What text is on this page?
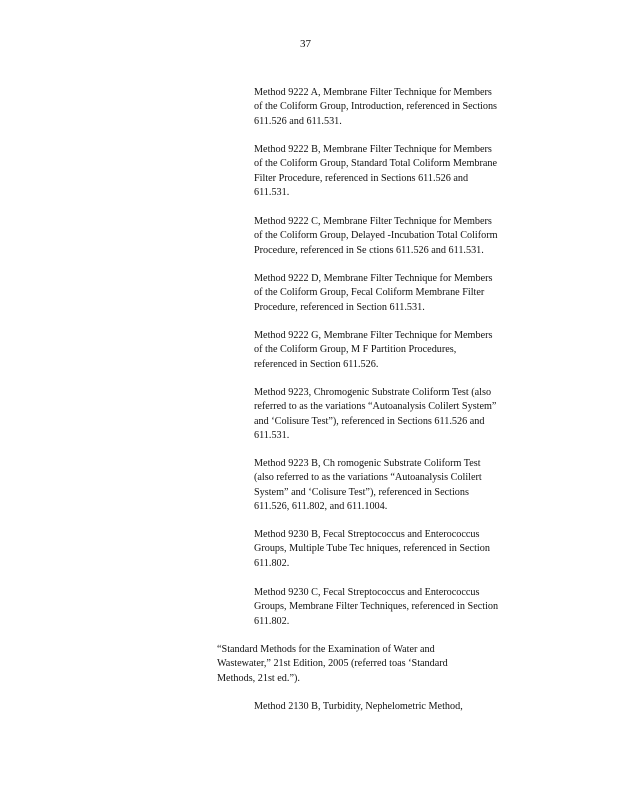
37

Method 9222 A, Membrane Filter Technique for Members
of the Coliform Group, Introduction, referenced in Sections
611.526 and 611.531.

Method 9222 B, Membrane Filter Technique for Members
of the Coliform Group, Standard Total Coliform Membrane
Filter Procedure, referenced in Sections 611.526 and
611.531.

Method 9222 C, Membrane Filter Technique for Members
of the Coliform Group, Delayed -Incubation Total Coliform
Procedure, referenced in Se ctions 611.526 and 611.531.

Method 9222 D, Membrane Filter Technique for Members
of the Coliform Group, Fecal Coliform Membrane Filter
Procedure, referenced in Section 611.531.

Method 9222 G, Membrane Filter Technique for Members
of the Coliform Group, M F Partition Procedures,
referenced in Section 611.526.

Method 9223, Chromogenic Substrate Coliform Test (also
referred to as the variations “Autoanalysis Colilert System”
and ‘Colisure Test”), referenced in Sections 611.526 and
611.531.

Method 9223 B, Ch romogenic Substrate Coliform Test
(also referred to as the variations “Autoanalysis Colilert
System” and ‘Colisure Test”), referenced in Sections
611.526, 611.802, and 611.1004.

Method 9230 B, Fecal Streptococcus and Enterococcus
Groups, Multiple Tube Tec hniques, referenced in Section
611.802.

Method 9230 C, Fecal Streptococcus and Enterococcus
Groups, Membrane Filter Techniques, referenced in Section
611.802.

“Standard Methods for the Examination of Water and
Wastewater,” 21st Edition, 2005 (referred toas ‘Standard
Methods, 21st ed.”).

Method 2130 B, Turbidity, Nephelometric Method,
